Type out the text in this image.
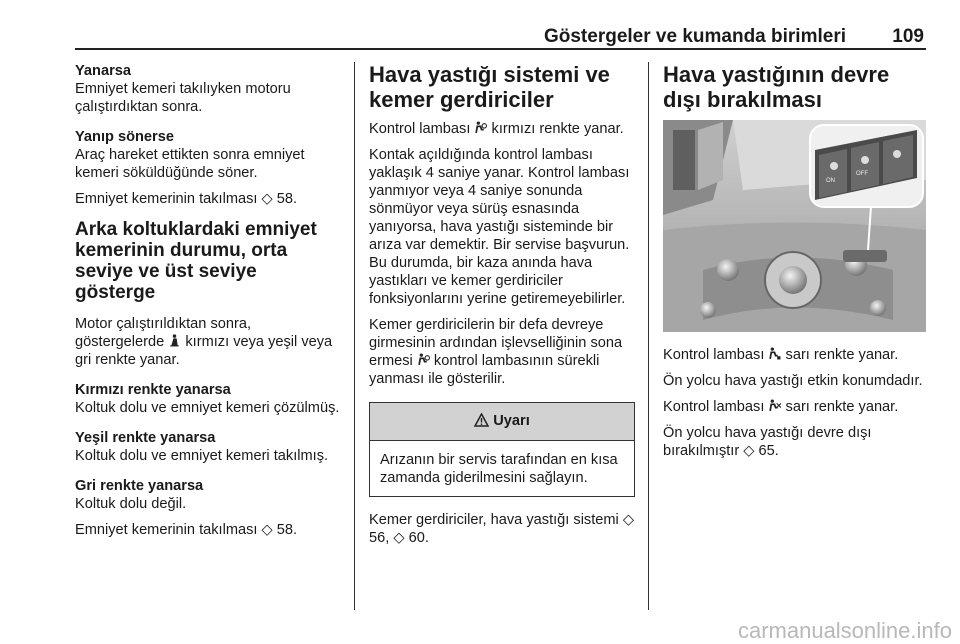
Göstergeler ve kumanda birimleri 109

Yanarsa

Emniyet kemeri takılıyken motoru çalıştırdıktan sonra.

Yanıp sönerse

Araç hareket ettikten sonra emniyet kemeri söküldüğünde söner.

Emniyet kemerinin takılması ◇ 58.

Arka koltuklardaki emniyet kemerinin durumu, orta seviye ve üst seviye gösterge

Motor çalıştırıldıktan sonra, göstergelerde kırmızı veya yeşil veya gri renkte yanar.

Kırmızı renkte yanarsa

Koltuk dolu ve emniyet kemeri çözülmüş.

Yeşil renkte yanarsa

Koltuk dolu ve emniyet kemeri takılmış.

Gri renkte yanarsa

Koltuk dolu değil.

Emniyet kemerinin takılması ◇ 58.

Hava yastığı sistemi ve kemer gerdiriciler

Kontrol lambası kırmızı renkte yanar.

Kontak açıldığında kontrol lambası yaklaşık 4 saniye yanar. Kontrol lambası yanmıyor veya 4 saniye sonunda sönmüyor veya sürüş esnasında yanıyorsa, hava yastığı sisteminde bir arıza var demektir. Bir servise başvurun. Bu durumda, bir kaza anında hava yastıkları ve kemer gerdiriciler fonksiyonlarını yerine getiremeyebilirler.

Kemer gerdiricilerin bir defa devreye girmesinin ardından işlevselliğinin sona ermesi kontrol lambasının sürekli yanması ile gösterilir.

Uyarı
Arızanın bir servis tarafından en kısa zamanda giderilmesini sağlayın.

Kemer gerdiriciler, hava yastığı sistemi ◇ 56, ◇ 60.

Hava yastığının devre dışı bırakılması
ON
OFF

Kontrol lambası sarı renkte yanar.

Ön yolcu hava yastığı etkin konumdadır.

Kontrol lambası sarı renkte yanar.

Ön yolcu hava yastığı devre dışı bırakılmıştır ◇ 65.

carmanualsonline.info
